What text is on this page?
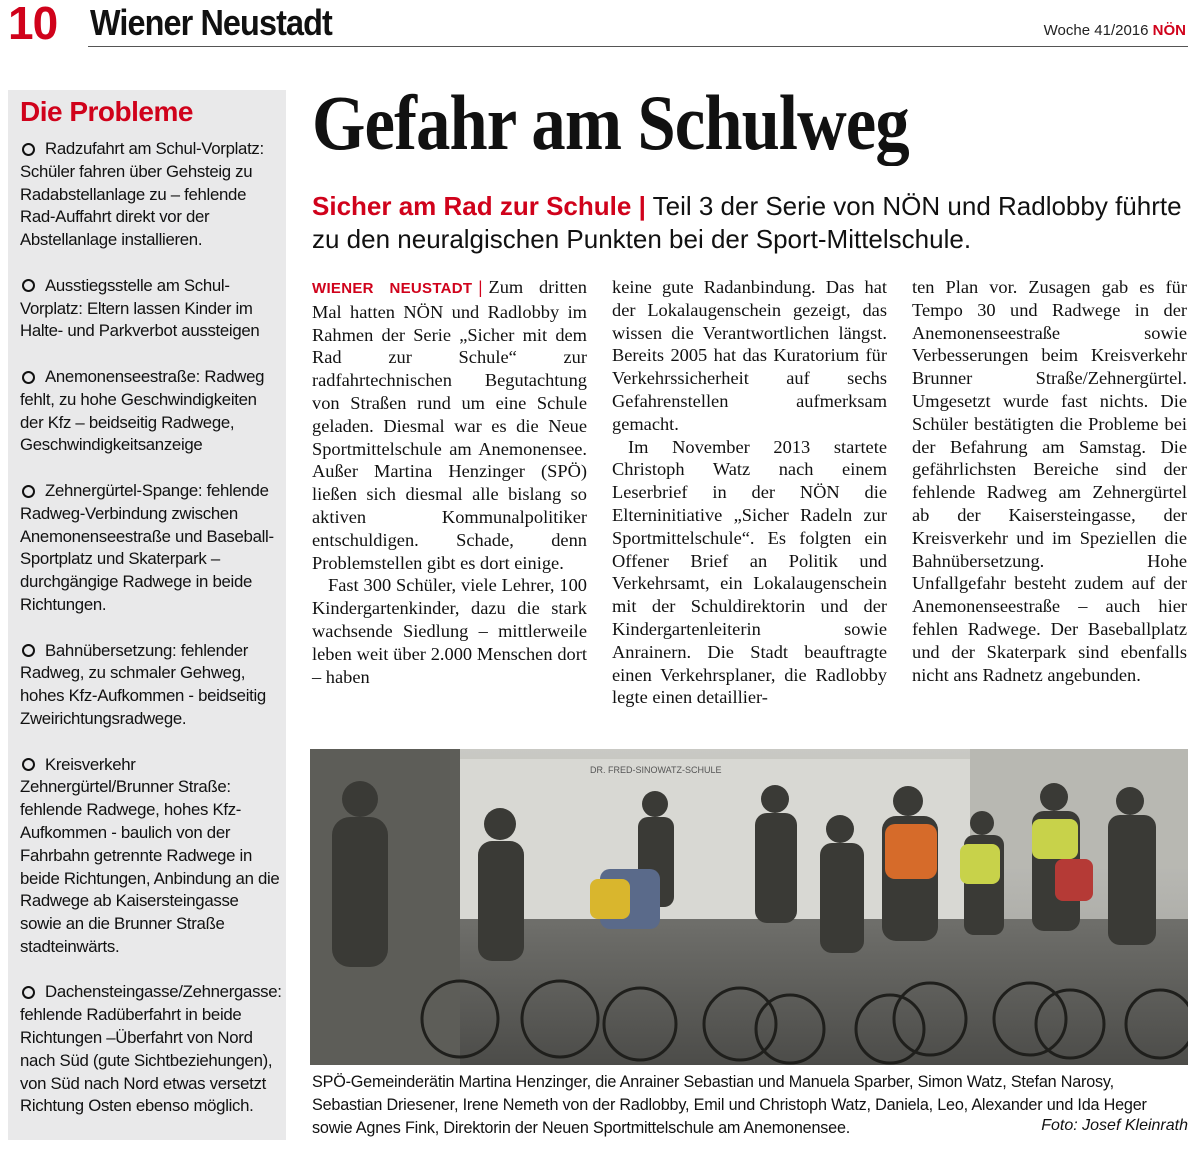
10 Wiener Neustadt	Woche 41/2016 NÖN
Die Probleme
Radzufahrt am Schul-Vorplatz: Schüler fahren über Gehsteig zu Radabstellanlage zu – fehlende Rad-Auffahrt direkt vor der Abstellanlage installieren.
Ausstiegsstelle am Schul-Vorplatz: Eltern lassen Kinder im Halte- und Parkverbot aussteigen
Anemonenseestraße: Radweg fehlt, zu hohe Geschwindigkeiten der Kfz – beidseitig Radwege, Geschwindigkeitsanzeige
Zehnergürtel-Spange: fehlende Radweg-Verbindung zwischen Anemonenseestraße und Baseball-Sportplatz und Skaterpark – durchgängige Radwege in beide Richtungen.
Bahnübersetzung: fehlender Radweg, zu schmaler Gehweg, hohes Kfz-Aufkommen - beidseitig Zweirichtungsradwege.
Kreisverkehr Zehnergürtel/Brunner Straße: fehlende Radwege, hohes Kfz-Aufkommen - baulich von der Fahrbahn getrennte Radwege in beide Richtungen, Anbindung an die Radwege ab Kaisersteingasse sowie an die Brunner Straße stadteinwärts.
Dachensteingasse/Zehnergasse: fehlende Radüberfahrt in beide Richtungen –Überfahrt von Nord nach Süd (gute Sichtbeziehungen), von Süd nach Nord etwas versetzt Richtung Osten ebenso möglich.
Gefahr am Schulweg
Sicher am Rad zur Schule | Teil 3 der Serie von NÖN und Radlobby führte zu den neuralgischen Punkten bei der Sport-Mittelschule.

WIENER NEUSTADT | Zum dritten Mal hatten NÖN und Radlobby im Rahmen der Serie „Sicher mit dem Rad zur Schule“ zur radfahrtechnischen Begutachtung von Straßen rund um eine Schule geladen. Diesmal war es die Neue Sportmittelschule am Anemonensee. Außer Martina Henzinger (SPÖ) ließen sich diesmal alle bislang so aktiven Kommunalpolitiker entschuldigen. Schade, denn Problemstellen gibt es dort einige.

Fast 300 Schüler, viele Lehrer, 100 Kindergartenkinder, dazu die stark wachsende Siedlung – mittlerweile leben weit über 2.000 Menschen dort – haben

keine gute Radanbindung. Das hat der Lokalaugenschein gezeigt, das wissen die Verantwortlichen längst. Bereits 2005 hat das Kuratorium für Verkehrssicherheit auf sechs Gefahrenstellen aufmerksam gemacht.

Im November 2013 startete Christoph Watz nach einem Leserbrief in der NÖN die Elterninitiative „Sicher Radeln zur Sportmittelschule“. Es folgten ein Offener Brief an Politik und Verkehrsamt, ein Lokalaugenschein mit der Schuldirektorin und der Kindergartenleiterin sowie Anrainern. Die Stadt beauftragte einen Verkehrsplaner, die Radlobby legte einen detaillier-

ten Plan vor. Zusagen gab es für Tempo 30 und Radwege in der Anemonenseestraße sowie Verbesserungen beim Kreisverkehr Brunner Straße/Zehnergürtel. Umgesetzt wurde fast nichts. Die Schüler bestätigten die Probleme bei der Befahrung am Samstag. Die gefährlichsten Bereiche sind der fehlende Radweg am Zehnergürtel ab der Kaisersteingasse, der Kreisverkehr und im Speziellen die Bahnübersetzung. Hohe Unfallgefahr besteht zudem auf der Anemonenseestraße – auch hier fehlen Radwege. Der Baseballplatz und der Skaterpark sind ebenfalls nicht ans Radnetz angebunden.

DR. FRED-SINOWATZ-SCHULE
SPÖ-Gemeinderätin Martina Henzinger, die Anrainer Sebastian und Manuela Sparber, Simon Watz, Stefan Narosy, Sebastian Driesener, Irene Nemeth von der Radlobby, Emil und Christoph Watz, Daniela, Leo, Alexander und Ida Heger sowie Agnes Fink, Direktorin der Neuen Sportmittelschule am Anemonensee.	Foto: Josef Kleinrath
